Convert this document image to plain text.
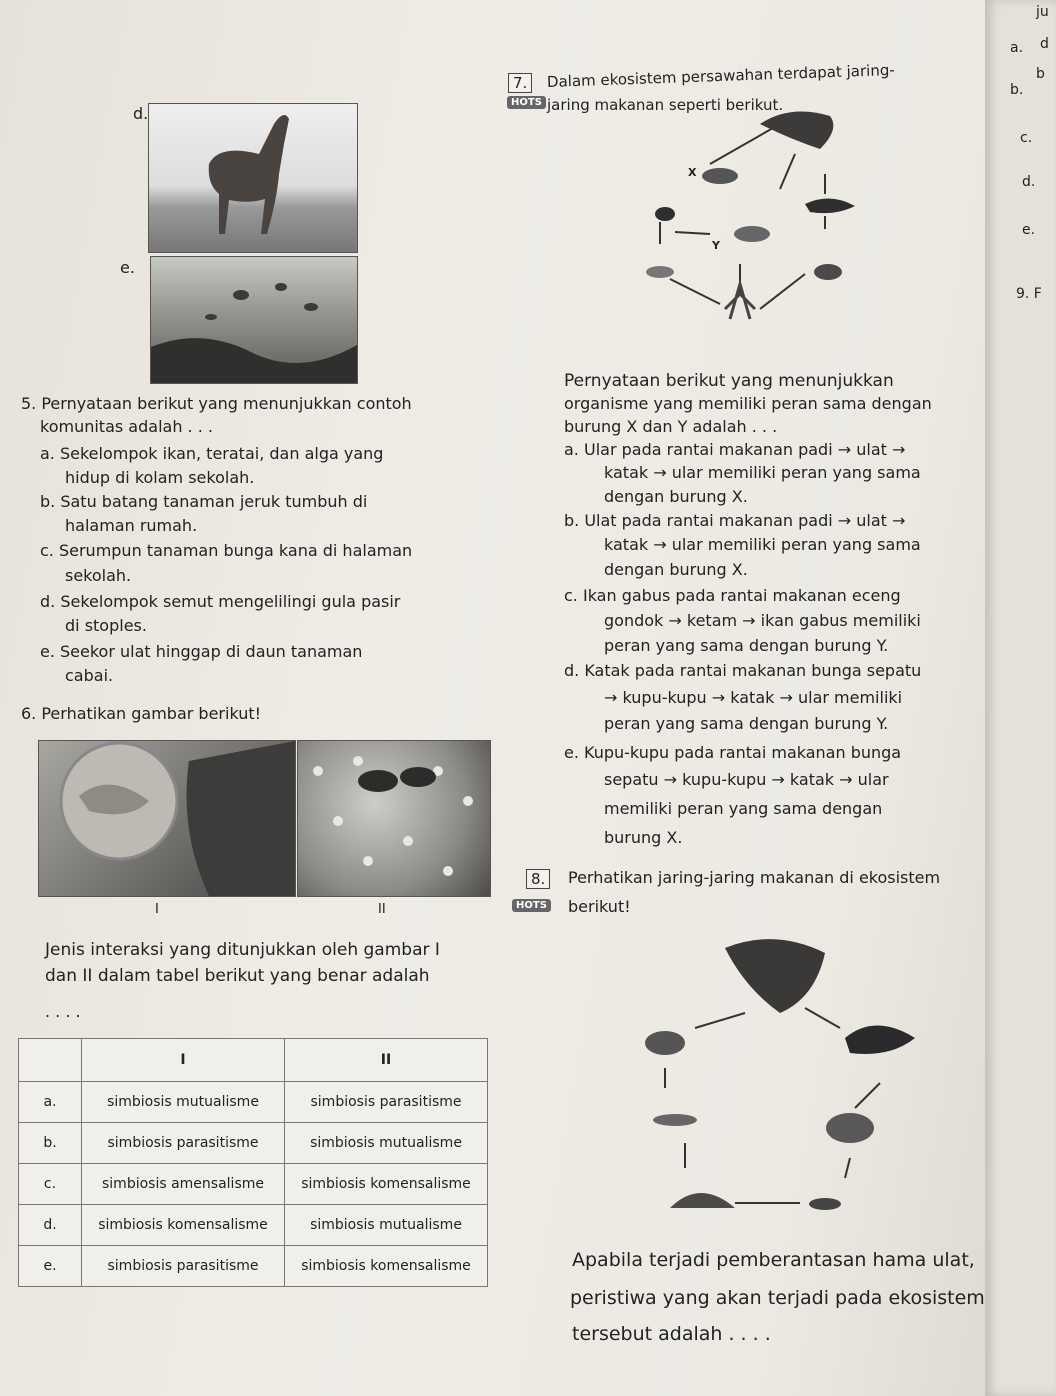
d.
e.
5. Pernyataan berikut yang menunjukkan contoh
komunitas adalah . . .
a. Sekelompok ikan, teratai, dan alga yang
hidup di kolam sekolah.
b. Satu batang tanaman jeruk tumbuh di
halaman rumah.
c. Serumpun tanaman bunga kana di halaman
sekolah.
d. Sekelompok semut mengelilingi gula pasir
di stoples.
e. Seekor ulat hinggap di daun tanaman
cabai.
6. Perhatikan gambar berikut!
I	II
Jenis interaksi yang ditunjukkan oleh gambar I
dan II dalam tabel berikut yang benar adalah
. . . .
	I	II
a.	simbiosis mutualisme	simbiosis parasitisme
b.	simbiosis parasitisme	simbiosis mutualisme
c.	simbiosis amensalisme	simbiosis komensalisme
d.	simbiosis komensalisme	simbiosis mutualisme
e.	simbiosis parasitisme	simbiosis komensalisme
7.
HOTS
Dalam ekosistem persawahan terdapat jaring-
jaring makanan seperti berikut.
X
Y
Pernyataan berikut yang menunjukkan
organisme yang memiliki peran sama dengan
burung X dan Y adalah . . .
a. Ular pada rantai makanan padi → ulat →
katak → ular memiliki peran yang sama
dengan burung X.
b. Ulat pada rantai makanan padi → ulat →
katak → ular memiliki peran yang sama
dengan burung X.
c. Ikan gabus pada rantai makanan eceng
gondok → ketam → ikan gabus memiliki
peran yang sama dengan burung Y.
d. Katak pada rantai makanan bunga sepatu
→ kupu-kupu → katak → ular memiliki
peran yang sama dengan burung Y.
e. Kupu-kupu pada rantai makanan bunga
sepatu → kupu-kupu → katak → ular
memiliki peran yang sama dengan
burung X.
8.
HOTS
Perhatikan jaring-jaring makanan di ekosistem
berikut!
Apabila terjadi pemberantasan hama ulat,
peristiwa yang akan terjadi pada ekosistem
tersebut adalah . . . .
a.
ju
d
b.
b
c.
d.
e.
9. F
